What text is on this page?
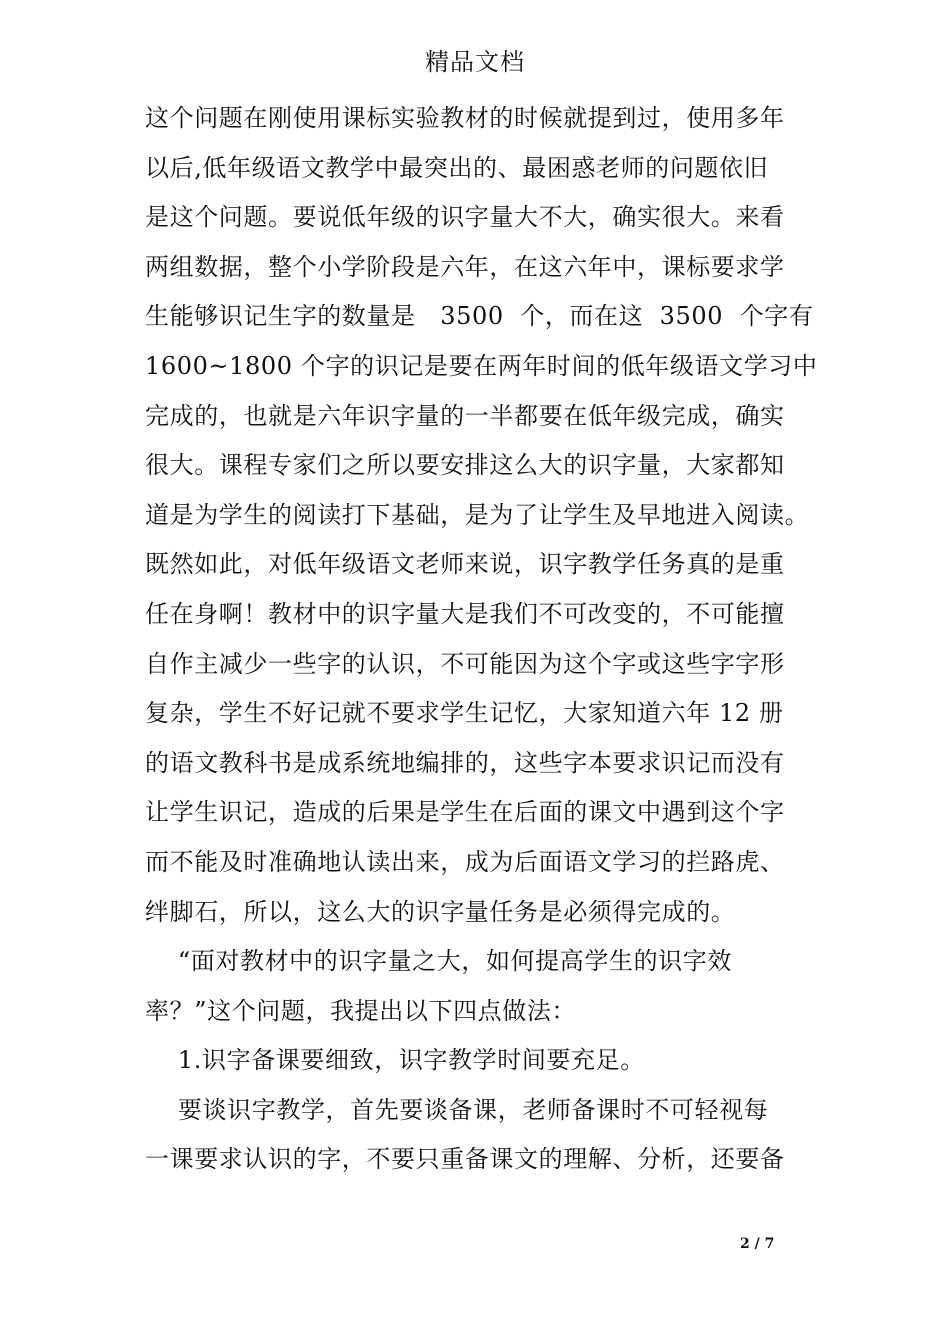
精品文档
这个问题在刚使用课标实验教材的时候就提到过，使用多年
以后,低年级语文教学中最突出的、最困惑老师的问题依旧
是这个问题。要说低年级的识字量大不大，确实很大。来看
两组数据，整个小学阶段是六年，在这六年中，课标要求学
生能够识记生字的数量是   3500  个，而在这  3500  个字有
1600~1800 个字的识记是要在两年时间的低年级语文学习中
完成的，也就是六年识字量的一半都要在低年级完成，确实
很大。课程专家们之所以要安排这么大的识字量，大家都知
道是为学生的阅读打下基础，是为了让学生及早地进入阅读。
既然如此，对低年级语文老师来说，识字教学任务真的是重
任在身啊！教材中的识字量大是我们不可改变的，不可能擅
自作主减少一些字的认识，不可能因为这个字或这些字字形
复杂，学生不好记就不要求学生记忆，大家知道六年 12 册
的语文教科书是成系统地编排的，这些字本要求识记而没有
让学生识记，造成的后果是学生在后面的课文中遇到这个字
而不能及时准确地认读出来，成为后面语文学习的拦路虎、
绊脚石，所以，这么大的识字量任务是必须得完成的。
“面对教材中的识字量之大，如何提高学生的识字效
率？”这个问题，我提出以下四点做法：
1.识字备课要细致，识字教学时间要充足。
要谈识字教学，首先要谈备课，老师备课时不可轻视每
一课要求认识的字，不要只重备课文的理解、分析，还要备
2 / 7
